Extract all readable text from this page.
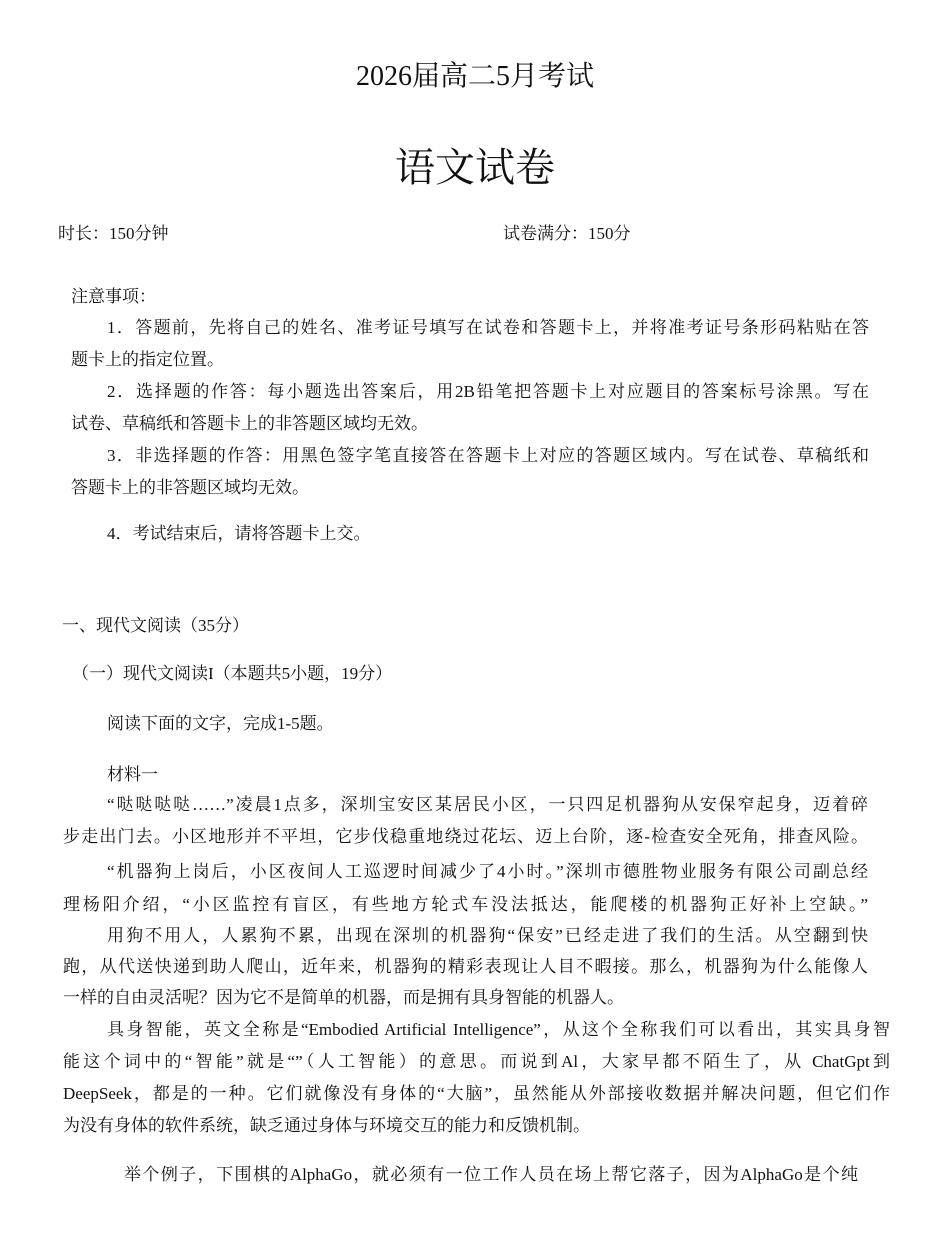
2026届高二5月考试
语文试卷
时长：150分钟	试卷满分：150分
注意事项：
1．答题前，先将自己的姓名、准考证号填写在试卷和答题卡上，并将准考证号条形码粘贴在答
题卡上的指定位置。
2．选择题的作答：每小题选出答案后，用2B铅笔把答题卡上对应题目的答案标号涂黑。写在
试卷、草稿纸和答题卡上的非答题区域均无效。
3．非选择题的作答：用黑色签字笔直接答在答题卡上对应的答题区域内。写在试卷、草稿纸和
答题卡上的非答题区域均无效。
4．考试结束后，请将答题卡上交。
一、现代文阅读（35分）
（一）现代文阅读I（本题共5小题，19分）
阅读下面的文字，完成1-5题。
材料一
“哒哒哒哒……”凌晨1点多，深圳宝安区某居民小区，一只四足机器狗从安保窄起身，迈着碎
步走出门去。小区地形并不平坦，它步伐稳重地绕过花坛、迈上台阶，逐-检查安全死角，排查风险。
“机器狗上岗后，小区夜间人工巡逻时间减少了4小时。”深圳市德胜物业服务有限公司副总经
理杨阳介绍，“小区监控有盲区，有些地方轮式车没法抵达，能爬楼的机器狗正好补上空缺。”
用狗不用人，人累狗不累，出现在深圳的机器狗“保安”已经走进了我们的生活。从空翻到快
跑，从代送快递到助人爬山，近年来，机器狗的精彩表现让人目不暇接。那么，机器狗为什么能像人
一样的自由灵活呢？因为它不是简单的机器，而是拥有具身智能的机器人。
具身智能，英文全称是“Embodied Artificial Intelligence”，从这个全称我们可以看出，其实具身智
能这个词中的“智能”就是“”（人工智能）的意思。而说到Al，大家早都不陌生了，从 ChatGpt到
DeepSeek，都是的一种。它们就像没有身体的“大脑”，虽然能从外部接收数据并解决问题，但它们作
为没有身体的软件系统，缺乏通过身体与环境交互的能力和反馈机制。
举个例子，下围棋的AlphaGo，就必须有一位工作人员在场上帮它落子，因为AlphaGo是个纯
